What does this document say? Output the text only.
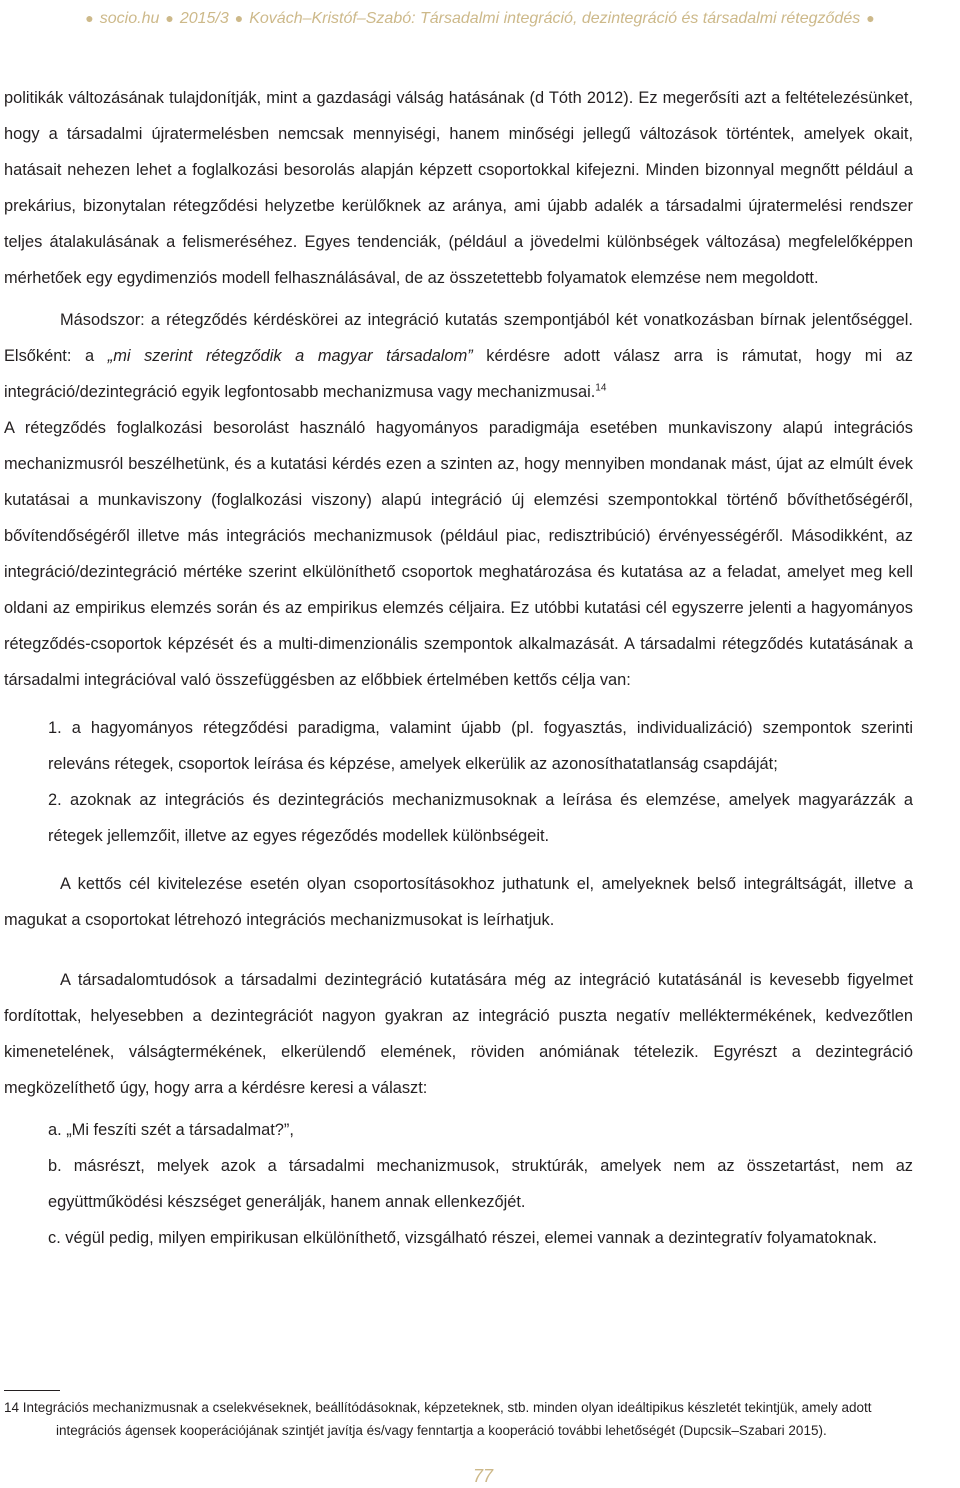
● socio.hu ● 2015/3 ● Kovách–Kristóf–Szabó: Társadalmi integráció, dezintegráció és társadalmi rétegződés ●

politikák változásának tulajdonítják, mint a gazdasági válság hatásának (d Tóth 2012). Ez megerősíti azt a feltételezésünket, hogy a társadalmi újratermelésben nemcsak mennyiségi, hanem minőségi jellegű változások történtek, amelyek okait, hatásait nehezen lehet a foglalkozási besorolás alapján képzett csoportokkal kifejezni. Minden bizonnyal megnőtt például a prekárius, bizonytalan rétegződési helyzetbe kerülőknek az aránya, ami újabb adalék a társadalmi újratermelési rendszer teljes átalakulásának a felismeréséhez. Egyes tendenciák, (például a jövedelmi különbségek változása) megfelelőképpen mérhetőek egy egydimenziós modell felhasználásával, de az összetettebb folyamatok elemzése nem megoldott.

Másodszor: a rétegződés kérdéskörei az integráció kutatás szempontjából két vonatkozásban bírnak jelentőséggel. Elsőként: a „mi szerint rétegződik a magyar társadalom” kérdésre adott válasz arra is rámutat, hogy mi az integráció/dezintegráció egyik legfontosabb mechanizmusa vagy mechanizmusai.$^{14}$

A rétegződés foglalkozási besorolást használó hagyományos paradigmája esetében munkaviszony alapú integrációs mechanizmusról beszélhetünk, és a kutatási kérdés ezen a szinten az, hogy mennyiben mondanak mást, újat az elmúlt évek kutatásai a munkaviszony (foglalkozási viszony) alapú integráció új elemzési szempontokkal történő bővíthetőségéről, bővítendőségéről illetve más integrációs mechanizmusok (például piac, redisztribúció) érvényességéről. Másodikként, az integráció/dezintegráció mértéke szerint elkülöníthető csoportok meghatározása és kutatása az a feladat, amelyet meg kell oldani az empirikus elemzés során és az empirikus elemzés céljaira. Ez utóbbi kutatási cél egyszerre jelenti a hagyományos rétegződés-csoportok képzését és a multi-dimenzionális szempontok alkalmazását. A társadalmi rétegződés kutatásának a társadalmi integrációval való összefüggésben az előbbiek értelmében kettős célja van:

1. a hagyományos rétegződési paradigma, valamint újabb (pl. fogyasztás, individualizáció) szempontok szerinti releváns rétegek, csoportok leírása és képzése, amelyek elkerülik az azonosíthatatlanság csapdáját;
2. azoknak az integrációs és dezintegrációs mechanizmusoknak a leírása és elemzése, amelyek magyarázzák a rétegek jellemzőit, illetve az egyes régeződés modellek különbségeit.

A kettős cél kivitelezése esetén olyan csoportosításokhoz juthatunk el, amelyeknek belső integráltságát, illetve a magukat a csoportokat létrehozó integrációs mechanizmusokat is leírhatjuk.

A társadalomtudósok a társadalmi dezintegráció kutatására még az integráció kutatásánál is kevesebb figyelmet fordítottak, helyesebben a dezintegrációt nagyon gyakran az integráció puszta negatív melléktermékének, kedvezőtlen kimenetelének, válságtermékének, elkerülendő elemének, röviden anómiának tételezik. Egyrészt a dezintegráció megközelíthető úgy, hogy arra a kérdésre keresi a választ:

a. „Mi feszíti szét a társadalmat?”,
b. másrészt, melyek azok a társadalmi mechanizmusok, struktúrák, amelyek nem az összetartást, nem az együttműködési készséget generálják, hanem annak ellenkezőjét.
c. végül pedig, milyen empirikusan elkülöníthető, vizsgálható részei, elemei vannak a dezintegratív folyamatoknak.

14 Integrációs mechanizmusnak a cselekvéseknek, beállítódásoknak, képzeteknek, stb. minden olyan ideáltipikus készletét tekintjük, amely adott integrációs ágensek kooperációjának szintjét javítja és/vagy fenntartja a kooperáció további lehetőségét (Dupcsik–Szabari 2015).

77
